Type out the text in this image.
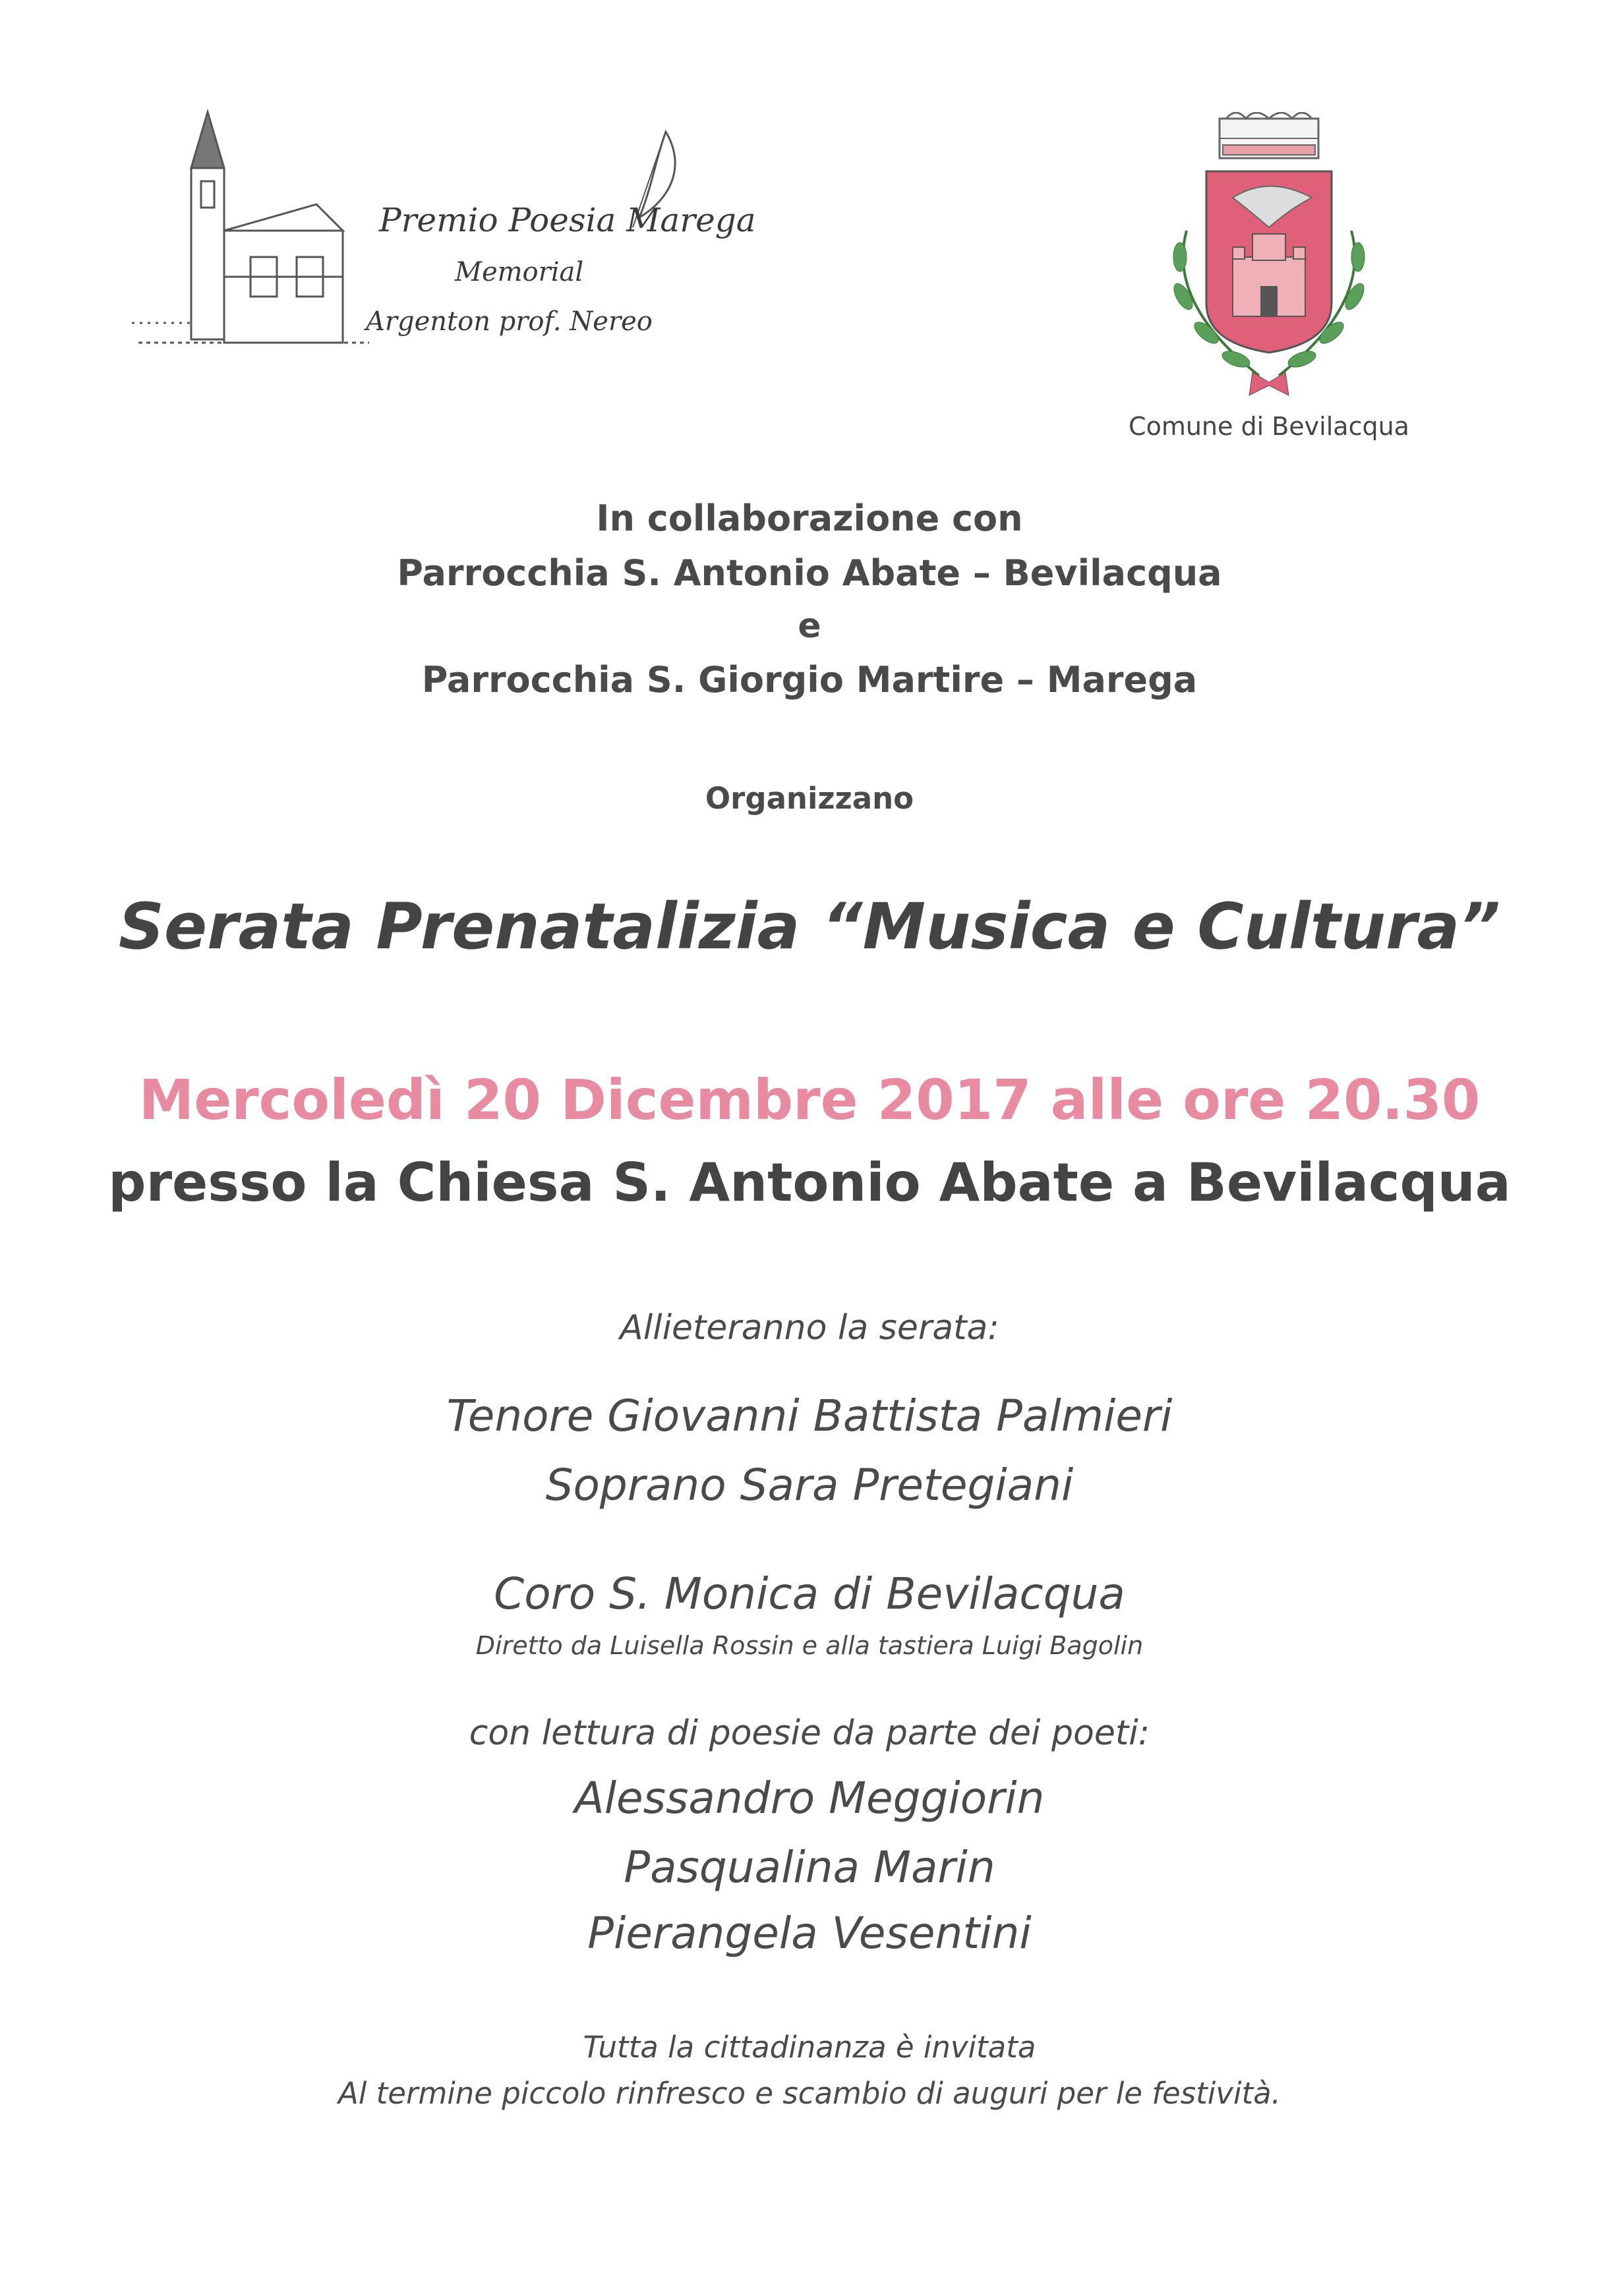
Premio Poesia Marega
Memorial
Argenton prof. Nereo
Comune di Bevilacqua
In collaborazione con
Parrocchia S. Antonio Abate – Bevilacqua
e
Parrocchia S. Giorgio Martire – Marega
Organizzano
Serata Prenatalizia “Musica e Cultura”
Mercoledì 20 Dicembre 2017 alle ore 20.30
presso la Chiesa S. Antonio Abate a Bevilacqua
Allieteranno la serata:
Tenore Giovanni Battista Palmieri
Soprano Sara Pretegiani
Coro S. Monica di Bevilacqua
Diretto da Luisella Rossin e alla tastiera Luigi Bagolin
con lettura di poesie da parte dei poeti:
Alessandro Meggiorin
Pasqualina Marin
Pierangela Vesentini
Tutta la cittadinanza è invitata
Al termine piccolo rinfresco e scambio di auguri per le festività.
